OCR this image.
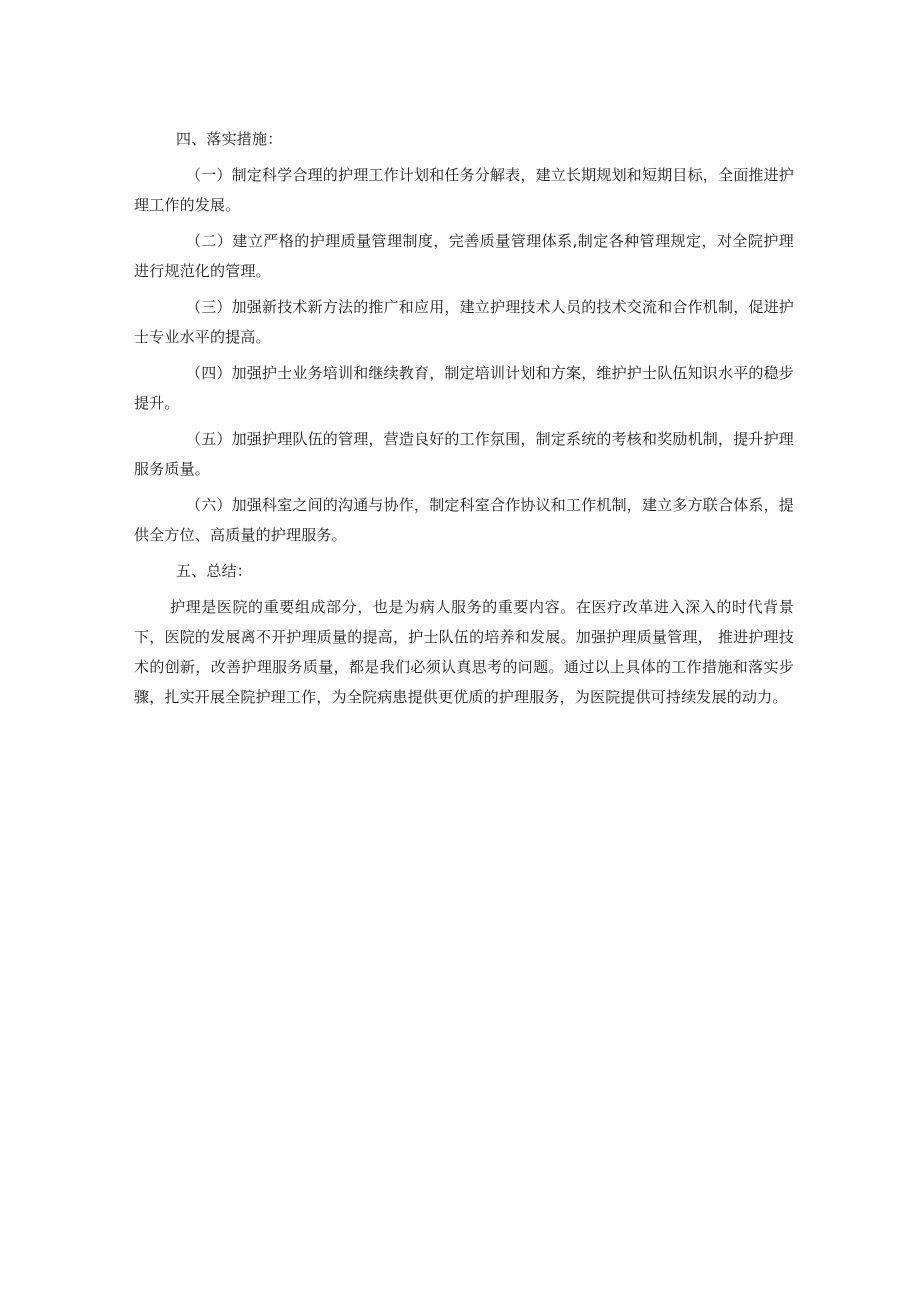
四、落实措施：

（一）制定科学合理的护理工作计划和任务分解表，建立长期规划和短期目标，全面推进护理工作的发展。

（二）建立严格的护理质量管理制度，完善质量管理体系,制定各种管理规定，对全院护理进行规范化的管理。

（三）加强新技术新方法的推广和应用，建立护理技术人员的技术交流和合作机制，促进护士专业水平的提高。

（四）加强护士业务培训和继续教育，制定培训计划和方案，维护护士队伍知识水平的稳步提升。

（五）加强护理队伍的管理，营造良好的工作氛围，制定系统的考核和奖励机制，提升护理服务质量。

（六）加强科室之间的沟通与协作，制定科室合作协议和工作机制，建立多方联合体系，提供全方位、高质量的护理服务。

五、总结：

护理是医院的重要组成部分，也是为病人服务的重要内容。在医疗改革进入深入的时代背景下，医院的发展离不开护理质量的提高，护士队伍的培养和发展。加强护理质量管理， 推进护理技术的创新，改善护理服务质量，都是我们必须认真思考的问题。通过以上具体的工作措施和落实步骤，扎实开展全院护理工作，为全院病患提供更优质的护理服务，为医院提供可持续发展的动力。
